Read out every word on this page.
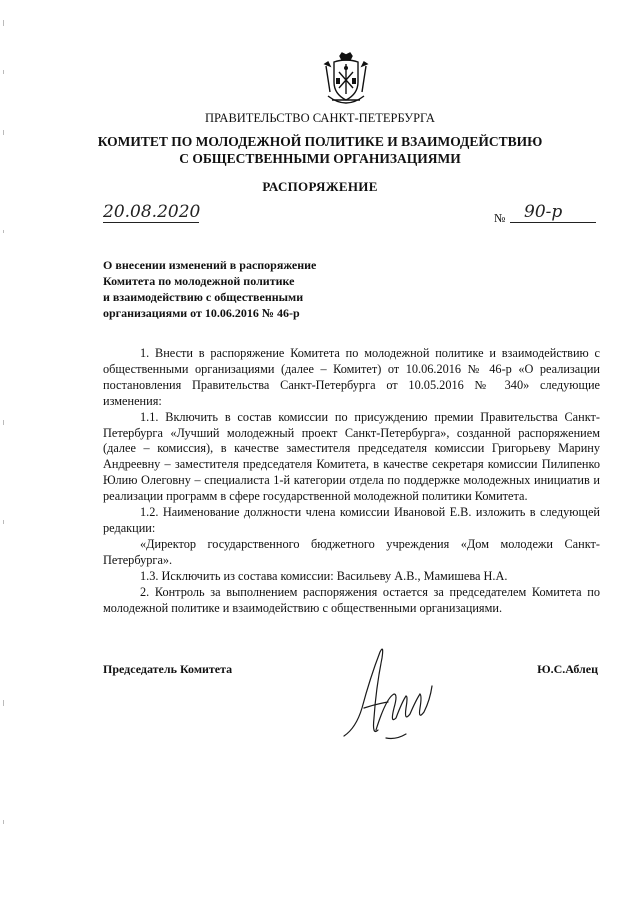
ПРАВИТЕЛЬСТВО САНКТ-ПЕТЕРБУРГА
КОМИТЕТ ПО МОЛОДЕЖНОЙ ПОЛИТИКЕ И ВЗАИМОДЕЙСТВИЮ
С ОБЩЕСТВЕННЫМИ ОРГАНИЗАЦИЯМИ
РАСПОРЯЖЕНИЕ
20.08.2020	№	90-р
О внесении изменений в распоряжение
Комитета по молодежной политике
и взаимодействию с общественными
организациями от 10.06.2016 № 46-р

1. Внести в распоряжение Комитета по молодежной политике и взаимодействию с общественными организациями (далее – Комитет) от 10.06.2016 № 46-р «О реализации постановления Правительства Санкт-Петербурга от 10.05.2016 № 340» следующие изменения:

1.1. Включить в состав комиссии по присуждению премии Правительства Санкт-Петербурга «Лучший молодежный проект Санкт-Петербурга», созданной распоряжением (далее – комиссия), в качестве заместителя председателя комиссии Григорьеву Марину Андреевну – заместителя председателя Комитета, в качестве секретаря комиссии Пилипенко Юлию Олеговну – специалиста 1-й категории отдела по поддержке молодежных инициатив и реализации программ в сфере государственной молодежной политики Комитета.

1.2. Наименование должности члена комиссии Ивановой Е.В. изложить в следующей редакции:

«Директор государственного бюджетного учреждения «Дом молодежи Санкт-Петербурга».

1.3. Исключить из состава комиссии: Васильеву А.В., Мамишева Н.А.

2. Контроль за выполнением распоряжения остается за председателем Комитета по молодежной политике и взаимодействию с общественными организациями.

Председатель Комитета	Ю.С.Аблец
